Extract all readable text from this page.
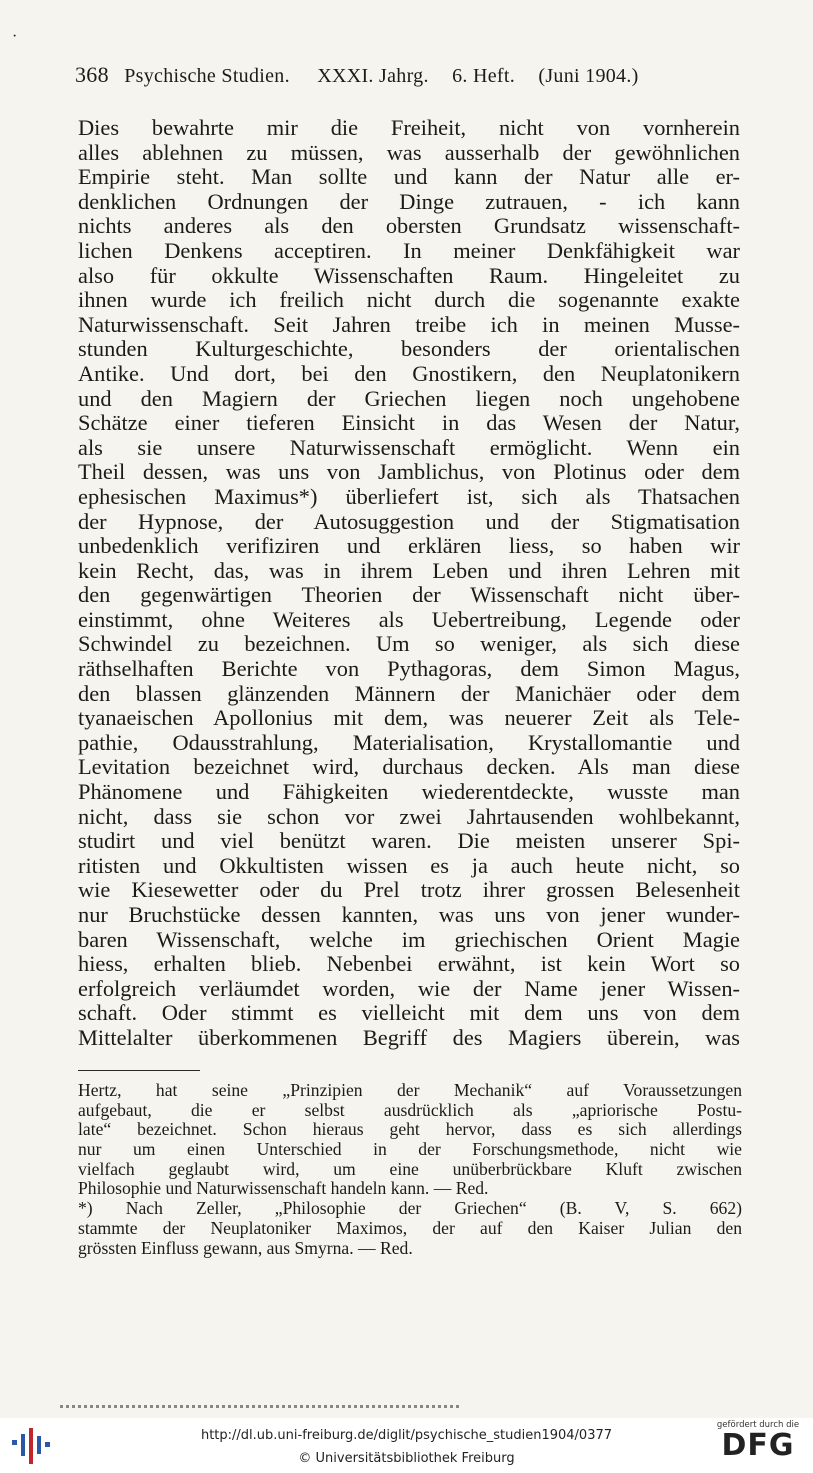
·
368 Psychische Studien. XXXI. Jahrg. 6. Heft. (Juni 1904.)
Dies bewahrte mir die Freiheit, nicht von vornherein
alles ablehnen zu müssen, was ausserhalb der gewöhnlichen
Empirie steht. Man sollte und kann der Natur alle er-
denklichen Ordnungen der Dinge zutrauen, - ich kann
nichts anderes als den obersten Grundsatz wissenschaft-
lichen Denkens acceptiren. In meiner Denkfähigkeit war
also für okkulte Wissenschaften Raum. Hingeleitet zu
ihnen wurde ich freilich nicht durch die sogenannte exakte
Naturwissenschaft. Seit Jahren treibe ich in meinen Musse-
stunden Kulturgeschichte, besonders der orientalischen
Antike. Und dort, bei den Gnostikern, den Neuplatonikern
und den Magiern der Griechen liegen noch ungehobene
Schätze einer tieferen Einsicht in das Wesen der Natur,
als sie unsere Naturwissenschaft ermöglicht. Wenn ein
Theil dessen, was uns von Jamblichus, von Plotinus oder dem
ephesischen Maximus*) überliefert ist, sich als Thatsachen
der Hypnose, der Autosuggestion und der Stigmatisation
unbedenklich verifiziren und erklären liess, so haben wir
kein Recht, das, was in ihrem Leben und ihren Lehren mit
den gegenwärtigen Theorien der Wissenschaft nicht über-
einstimmt, ohne Weiteres als Uebertreibung, Legende oder
Schwindel zu bezeichnen. Um so weniger, als sich diese
räthselhaften Berichte von Pythagoras, dem Simon Magus,
den blassen glänzenden Männern der Manichäer oder dem
tyanaeischen Apollonius mit dem, was neuerer Zeit als Tele-
pathie, Odausstrahlung, Materialisation, Krystallomantie und
Levitation bezeichnet wird, durchaus decken. Als man diese
Phänomene und Fähigkeiten wiederentdeckte, wusste man
nicht, dass sie schon vor zwei Jahrtausenden wohlbekannt,
studirt und viel benützt waren. Die meisten unserer Spi-
ritisten und Okkultisten wissen es ja auch heute nicht, so
wie Kiesewetter oder du Prel trotz ihrer grossen Belesenheit
nur Bruchstücke dessen kannten, was uns von jener wunder-
baren Wissenschaft, welche im griechischen Orient Magie
hiess, erhalten blieb. Nebenbei erwähnt, ist kein Wort so
erfolgreich verläumdet worden, wie der Name jener Wissen-
schaft. Oder stimmt es vielleicht mit dem uns von dem
Mittelalter überkommenen Begriff des Magiers überein, was
Hertz, hat seine „Prinzipien der Mechanik“ auf Voraussetzungen
aufgebaut, die er selbst ausdrücklich als „apriorische Postu-
late“ bezeichnet. Schon hieraus geht hervor, dass es sich allerdings
nur um einen Unterschied in der Forschungsmethode, nicht wie
vielfach geglaubt wird, um eine unüberbrückbare Kluft zwischen
Philosophie und Naturwissenschaft handeln kann. — Red.
*) Nach Zeller, „Philosophie der Griechen“ (B. V, S. 662)
stammte der Neuplatoniker Maximos, der auf den Kaiser Julian den
grössten Einfluss gewann, aus Smyrna. — Red.
http://dl.ub.uni-freiburg.de/diglit/psychische_studien1904/0377
© Universitätsbibliothek Freiburg
gefördert durch die
DFG
